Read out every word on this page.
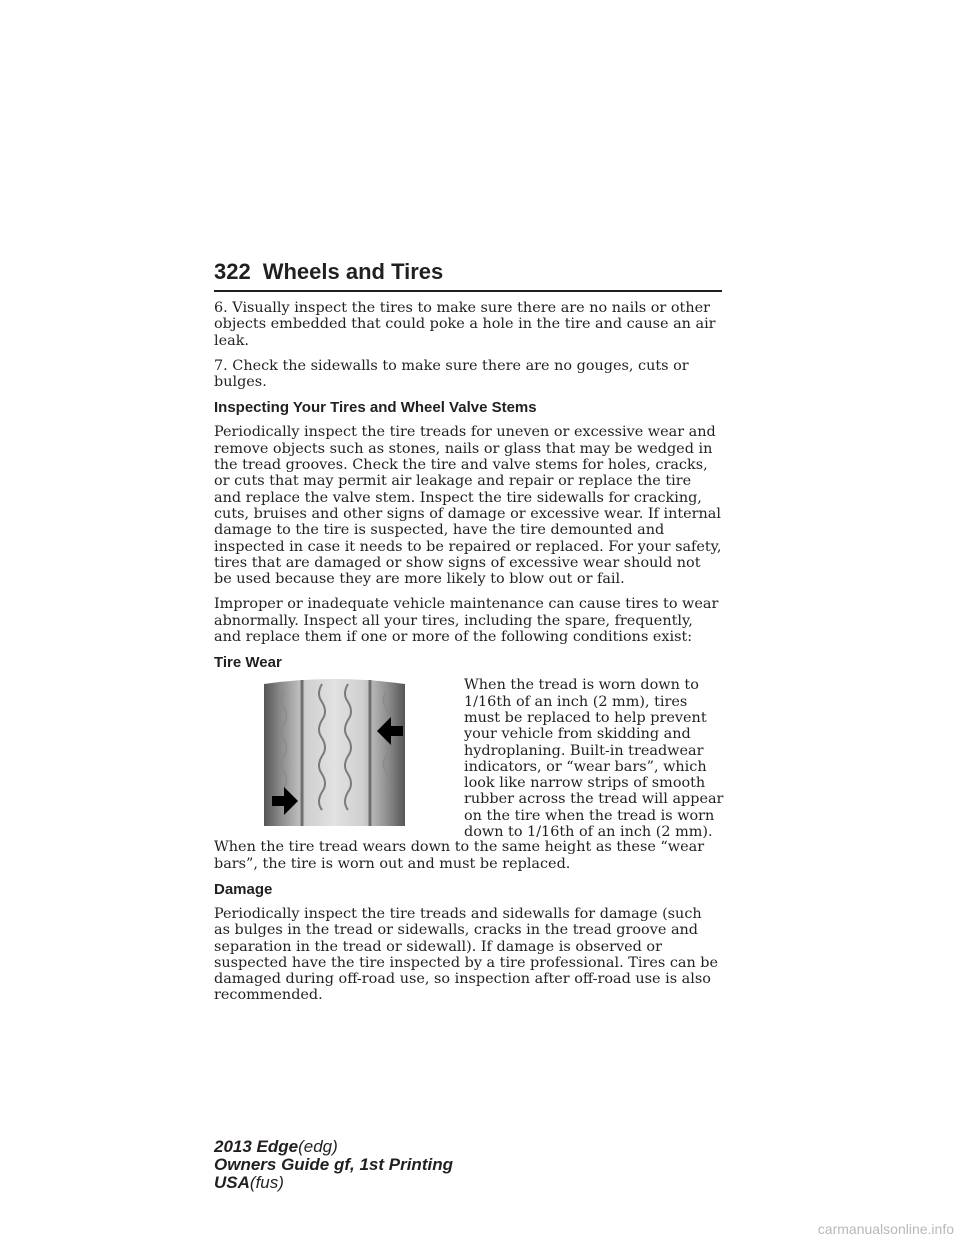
322 Wheels and Tires

6. Visually inspect the tires to make sure there are no nails or other objects embedded that could poke a hole in the tire and cause an air leak.

7. Check the sidewalls to make sure there are no gouges, cuts or bulges.

Inspecting Your Tires and Wheel Valve Stems

Periodically inspect the tire treads for uneven or excessive wear and remove objects such as stones, nails or glass that may be wedged in the tread grooves. Check the tire and valve stems for holes, cracks, or cuts that may permit air leakage and repair or replace the tire and replace the valve stem. Inspect the tire sidewalls for cracking, cuts, bruises and other signs of damage or excessive wear. If internal damage to the tire is suspected, have the tire demounted and inspected in case it needs to be repaired or replaced. For your safety, tires that are damaged or show signs of excessive wear should not be used because they are more likely to blow out or fail.

Improper or inadequate vehicle maintenance can cause tires to wear abnormally. Inspect all your tires, including the spare, frequently, and replace them if one or more of the following conditions exist:

Tire Wear
When the tread is worn down to 1/16th of an inch (2 mm), tires must be replaced to help prevent your vehicle from skidding and hydroplaning. Built-in treadwear indicators, or “wear bars”, which look like narrow strips of smooth rubber across the tread will appear on the tire when the tread is worn down to 1/16th of an inch (2 mm).

When the tire tread wears down to the same height as these “wear bars”, the tire is worn out and must be replaced.

Damage

Periodically inspect the tire treads and sidewalls for damage (such as bulges in the tread or sidewalls, cracks in the tread groove and separation in the tread or sidewall). If damage is observed or suspected have the tire inspected by a tire professional. Tires can be damaged during off-road use, so inspection after off-road use is also recommended.

2013 Edge(edg)
Owners Guide gf, 1st Printing
USA(fus)
carmanualsonline.info
